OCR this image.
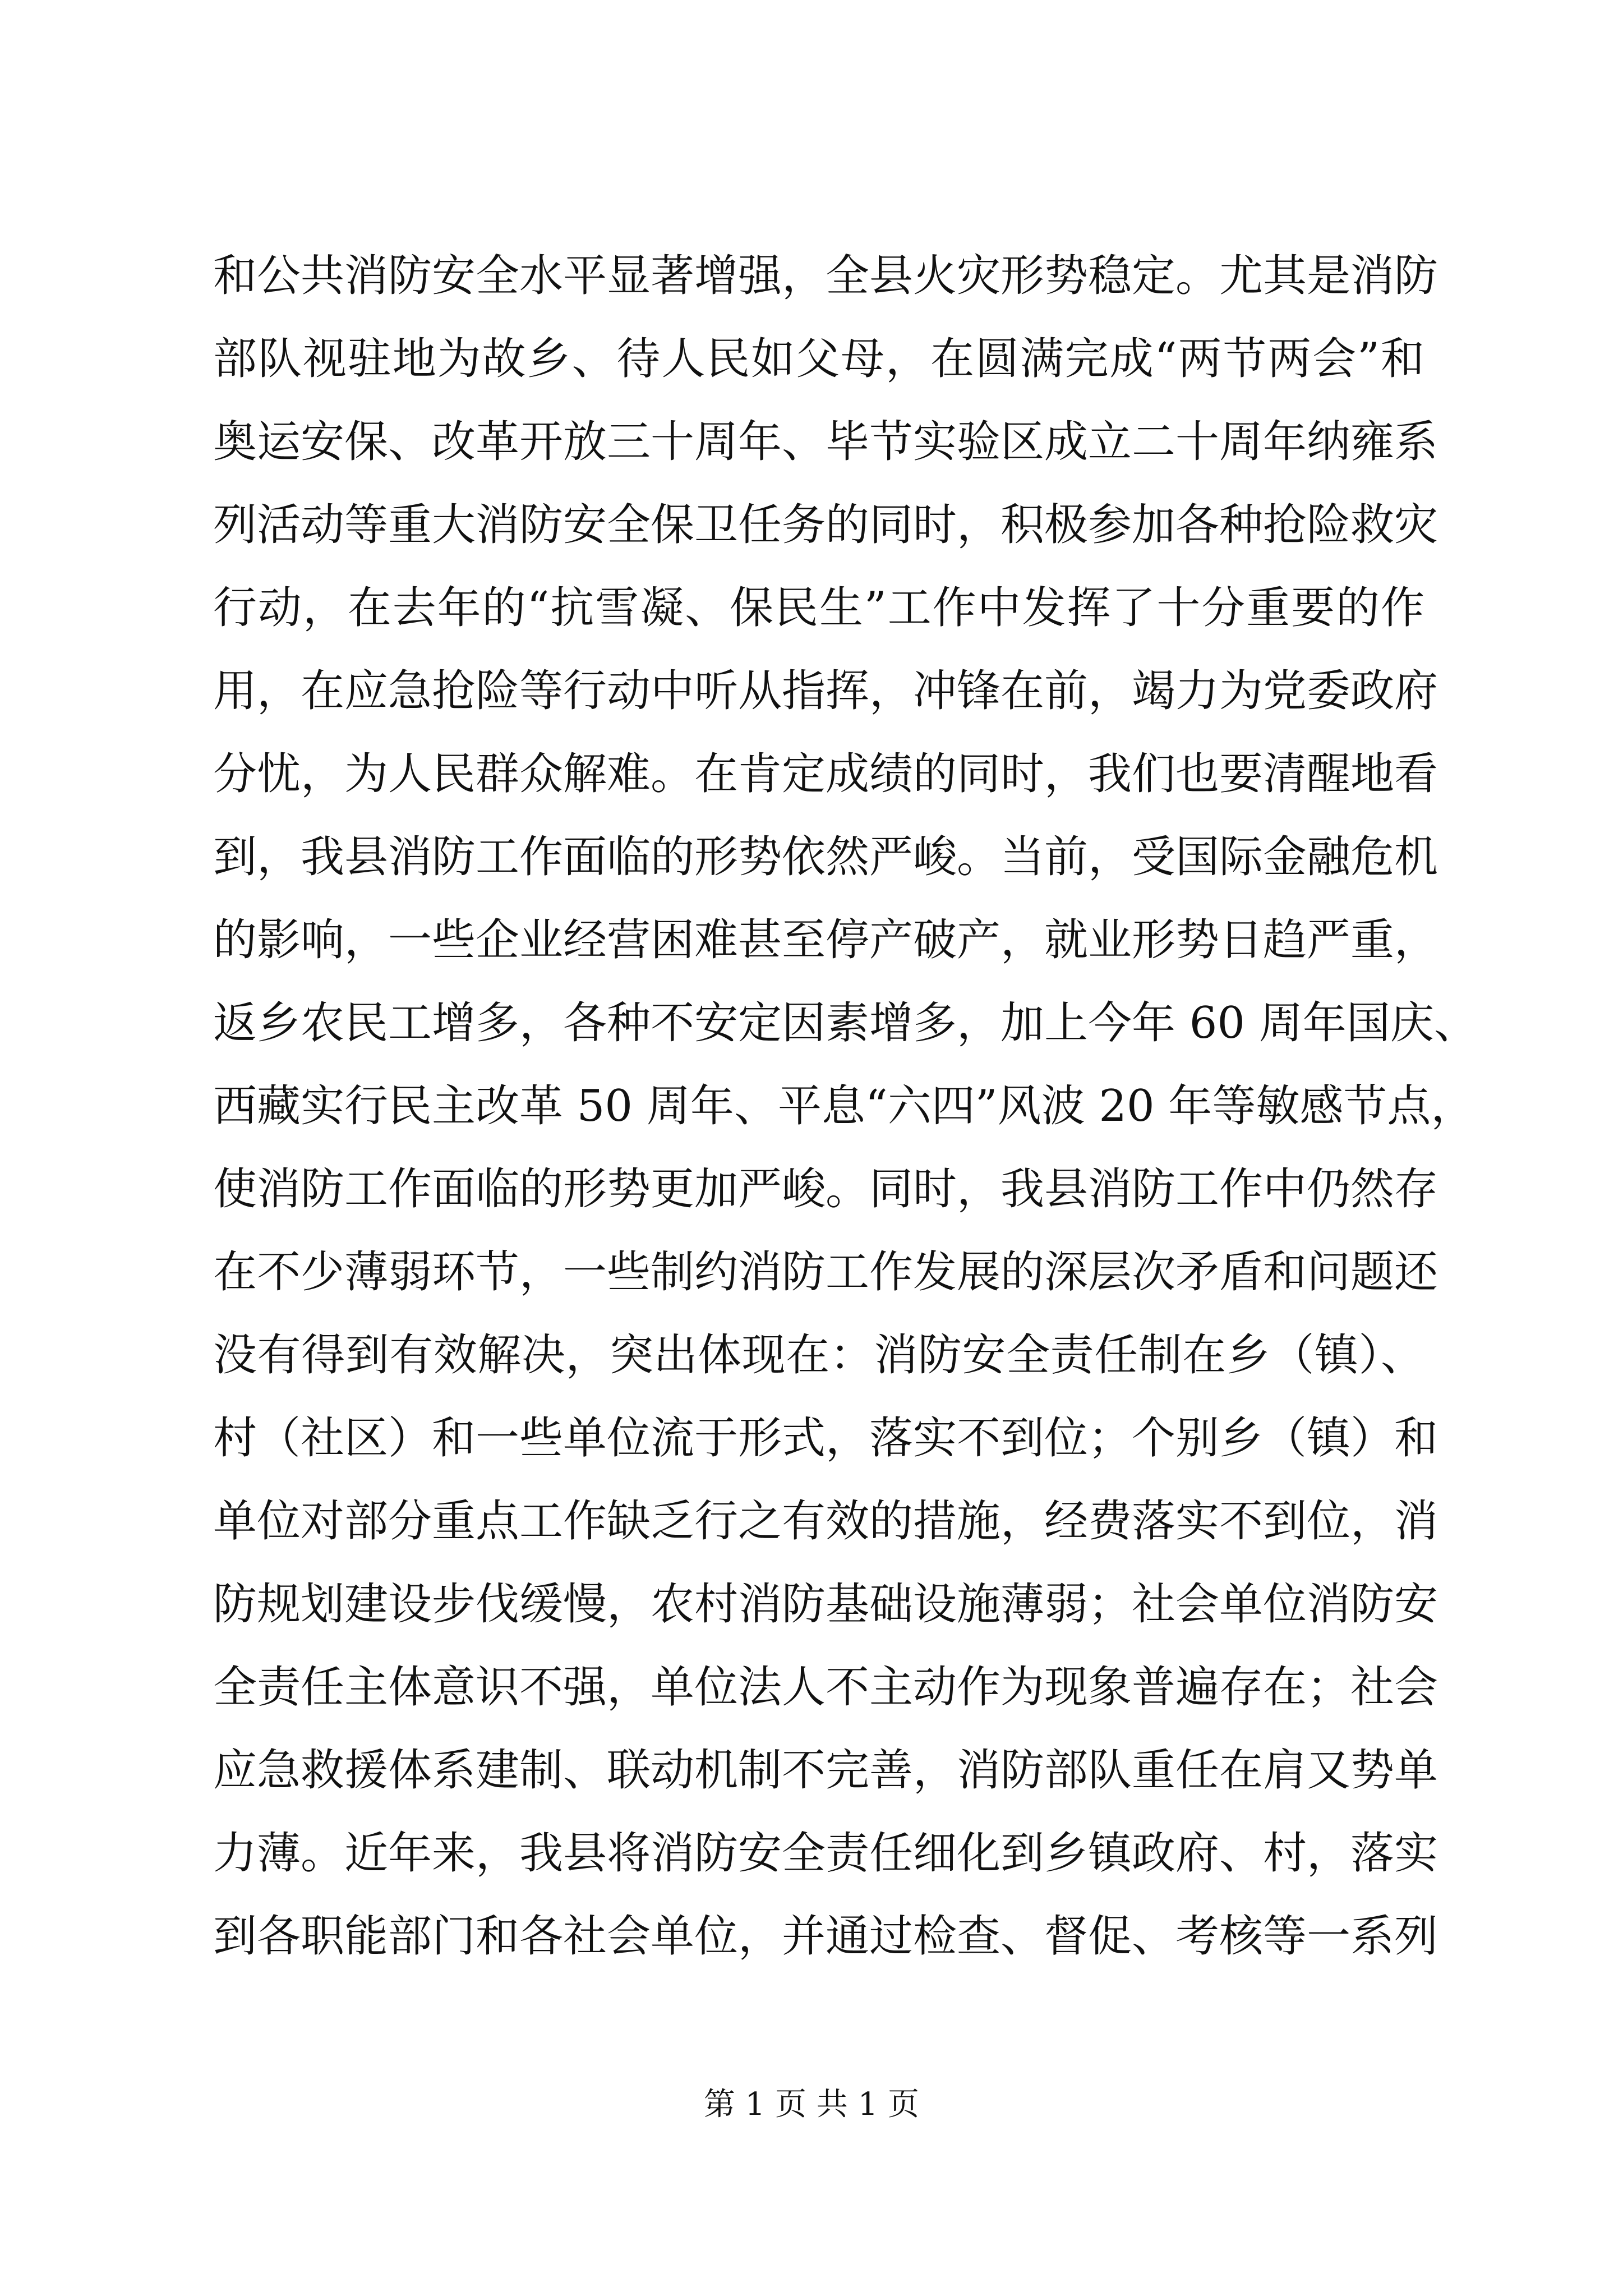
和公共消防安全水平显著增强，全县火灾形势稳定。尤其是消防
部队视驻地为故乡、待人民如父母，在圆满完成“两节两会”和
奥运安保、改革开放三十周年、毕节实验区成立二十周年纳雍系
列活动等重大消防安全保卫任务的同时，积极参加各种抢险救灾
行动，在去年的“抗雪凝、保民生”工作中发挥了十分重要的作
用，在应急抢险等行动中听从指挥，冲锋在前，竭力为党委政府
分忧，为人民群众解难。在肯定成绩的同时，我们也要清醒地看
到，我县消防工作面临的形势依然严峻。当前，受国际金融危机
的影响，一些企业经营困难甚至停产破产，就业形势日趋严重，
返乡农民工增多，各种不安定因素增多，加上今年 60 周年国庆、
西藏实行民主改革 50 周年、平息“六四”风波 20 年等敏感节点，
使消防工作面临的形势更加严峻。同时，我县消防工作中仍然存
在不少薄弱环节，一些制约消防工作发展的深层次矛盾和问题还
没有得到有效解决，突出体现在：消防安全责任制在乡（镇）、
村（社区）和一些单位流于形式，落实不到位；个别乡（镇）和
单位对部分重点工作缺乏行之有效的措施，经费落实不到位，消
防规划建设步伐缓慢，农村消防基础设施薄弱；社会单位消防安
全责任主体意识不强，单位法人不主动作为现象普遍存在；社会
应急救援体系建制、联动机制不完善，消防部队重任在肩又势单
力薄。近年来，我县将消防安全责任细化到乡镇政府、村，落实
到各职能部门和各社会单位，并通过检查、督促、考核等一系列
第 1 页 共 1 页
